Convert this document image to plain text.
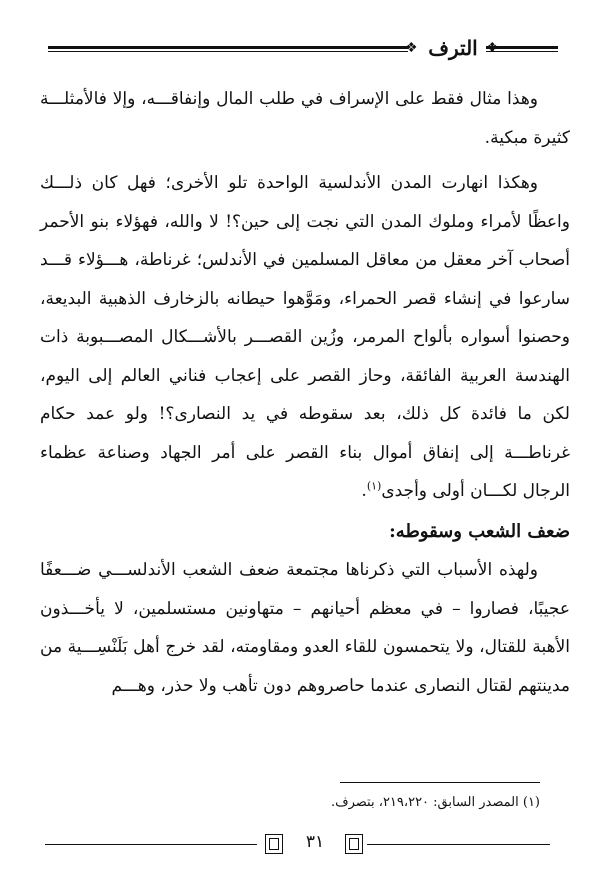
❖ الترف ❖

وهذا مثال فقط على الإسراف في طلب المال وإنفاقـــه، وإلا فالأمثلـــة كثيرة مبكية.

وهكذا انهارت المدن الأندلسية الواحدة تلو الأخرى؛ فهل كان ذلـــك واعظًا لأمراء وملوك المدن التي نجت إلى حين؟! لا والله، فهؤلاء بنو الأحمر أصحاب آخر معقل من معاقل المسلمين في الأندلس؛ غرناطة، هـــؤلاء قـــد سارعوا في إنشاء قصر الحمراء، ومَوَّهوا حيطانه بالزخارف الذهبية البديعة، وحصنوا أسواره بألواح المرمر، وزُين القصـــر بالأشـــكال المصـــبوبة ذات الهندسة العربية الفائقة، وحاز القصر على إعجاب فناني العالم إلى اليوم، لكن ما فائدة كل ذلك، بعد سقوطه في يد النصارى؟! ولو عمد حكام غرناطـــة إلى إنفاق أموال بناء القصر على أمر الجهاد وصناعة عظماء الرجال لكـــان أولى وأجدى$^{(١)}$.

ضعف الشعب وسقوطه:

ولهذه الأسباب التي ذكرناها مجتمعة ضعف الشعب الأندلســـي ضـــعفًا عجيبًا، فصاروا – في معظم أحيانهم – متهاونين مستسلمين، لا يأخـــذون الأهبة للقتال، ولا يتحمسون للقاء العدو ومقاومته، لقد خرج أهل بَلَنْسِـــية من مدينتهم لقتال النصارى عندما حاصروهم دون تأهب ولا حذر، وهـــم

(١) المصدر السابق: ٢١٩،٢٢٠، بتصرف.
٣١
